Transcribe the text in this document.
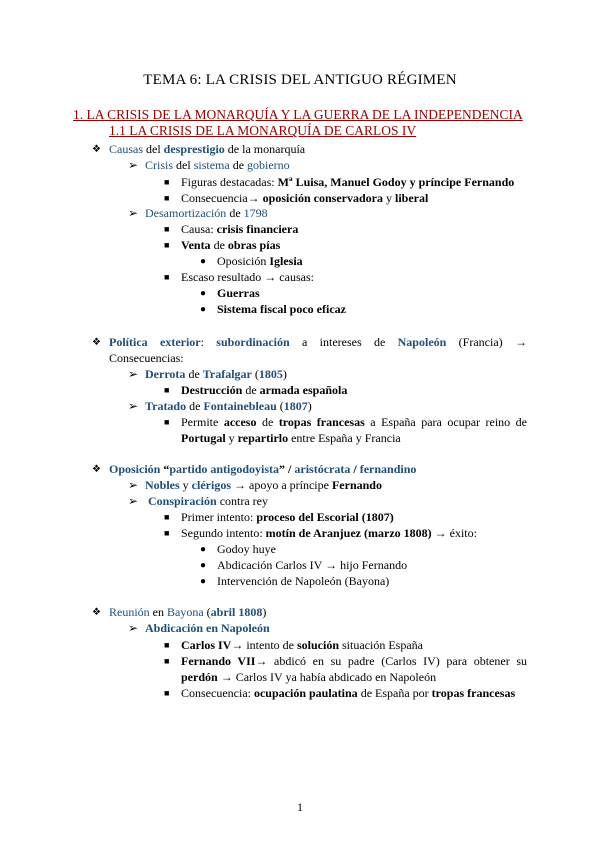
TEMA 6: LA CRISIS DEL ANTIGUO RÉGIMEN
1. LA CRISIS DE LA MONARQUÍA Y LA GUERRA DE LA INDEPENDENCIA
1.1 LA CRISIS DE LA MONARQUÍA DE CARLOS IV
❖ Causas del desprestigio de la monarquía
➢ Crisis del sistema de gobierno
■ Figuras destacadas: Mª Luisa, Manuel Godoy y príncipe Fernando
■ Consecuencia→ oposición conservadora y liberal
➢ Desamortización de 1798
■ Causa: crisis financiera
■ Venta de obras pías
● Oposición Iglesia
■ Escaso resultado → causas:
● Guerras
● Sistema fiscal poco eficaz
❖ Política exterior: subordinación a intereses de Napoleón (Francia) →
Consecuencias:
➢ Derrota de Trafalgar (1805)
■ Destrucción de armada española
➢ Tratado de Fontainebleau (1807)
■ Permite acceso de tropas francesas a España para ocupar reino de
Portugal y repartirlo entre España y Francia
❖ Oposición “partido antigodoyista” / aristócrata / fernandino
➢ Nobles y clérigos → apoyo a príncipe Fernando
➢ Conspiración contra rey
■ Primer intento: proceso del Escorial (1807)
■ Segundo intento: motín de Aranjuez (marzo 1808) → éxito:
● Godoy huye
● Abdicación Carlos IV → hijo Fernando
● Intervención de Napoleón (Bayona)
❖ Reunión en Bayona (abril 1808)
➢ Abdicación en Napoleón
■ Carlos IV→ intento de solución situación España
■ Fernando VII→ abdicó en su padre (Carlos IV) para obtener su
perdón → Carlos IV ya había abdicado en Napoleón
■ Consecuencia: ocupación paulatina de España por tropas francesas
1
